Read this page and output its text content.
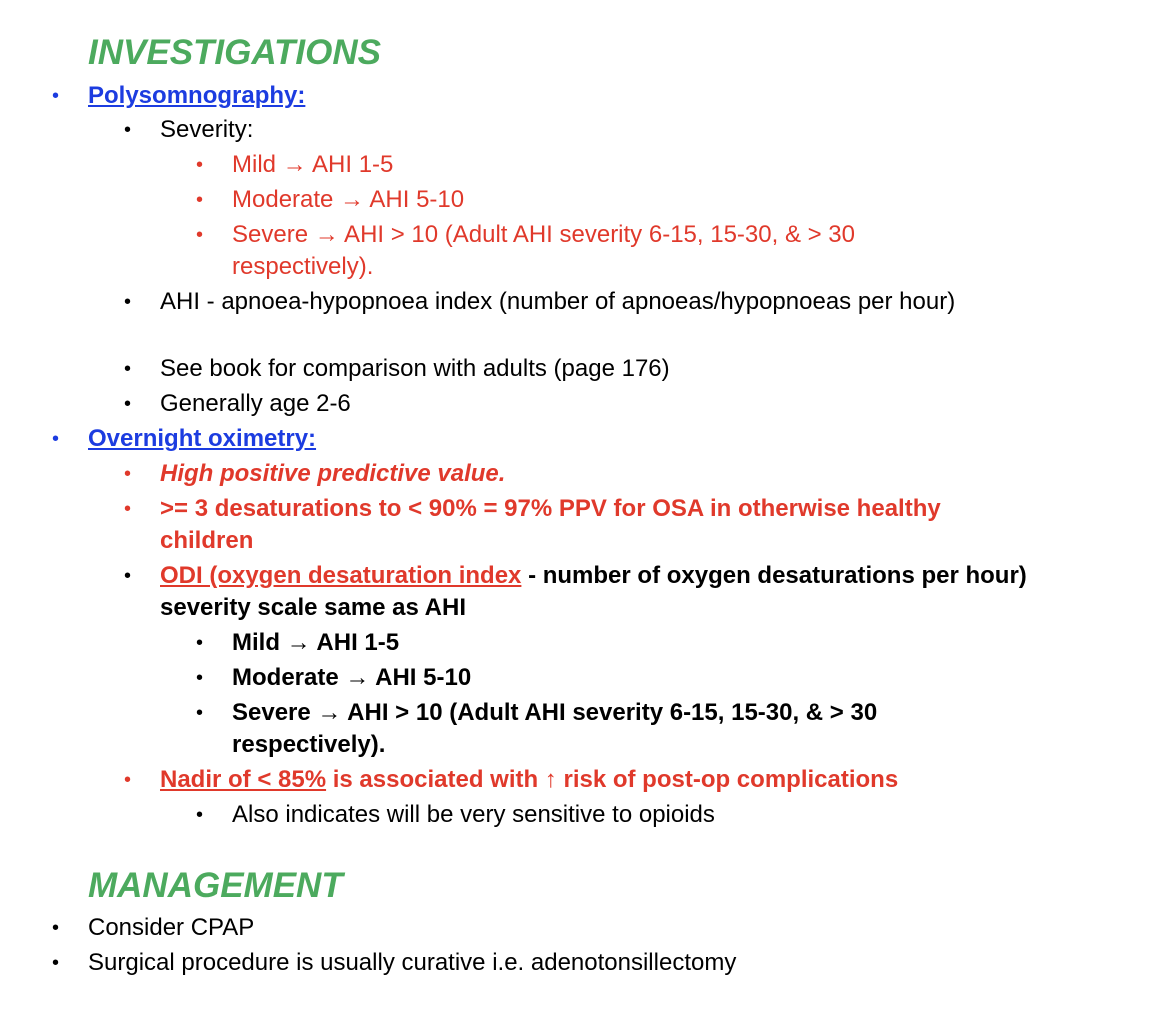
INVESTIGATIONS
• Polysomnography:
• Severity:
• Mild → AHI 1-5
• Moderate → AHI 5-10
• Severe → AHI > 10 (Adult AHI severity 6-15, 15-30, & > 30 respectively).
• AHI - apnoea-hypopnoea index (number of apnoeas/hypopnoeas per hour)
• See book for comparison with adults (page 176)
• Generally age 2-6
• Overnight oximetry:
• High positive predictive value.
• >= 3 desaturations to < 90% = 97% PPV for OSA in otherwise healthy children
• ODI (oxygen desaturation index - number of oxygen desaturations per hour) severity scale same as AHI
• Mild → AHI 1-5
• Moderate → AHI 5-10
• Severe → AHI > 10 (Adult AHI severity 6-15, 15-30, & > 30 respectively).
• Nadir of < 85% is associated with ↑ risk of post-op complications
• Also indicates will be very sensitive to opioids
MANAGEMENT
• Consider CPAP
• Surgical procedure is usually curative i.e. adenotonsillectomy
